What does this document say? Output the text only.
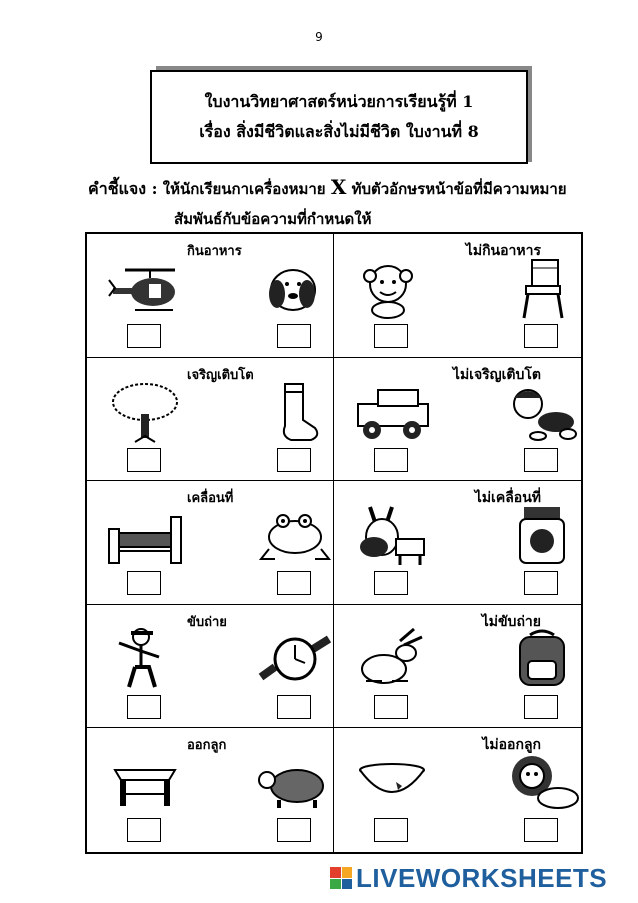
9
ใบงานวิทยาศาสตร์หน่วยการเรียนรู้ที่ 1
เรื่อง สิ่งมีชีวิตและสิ่งไม่มีชีวิต ใบงานที่ 8
คำชี้แจง : ให้นักเรียนกาเครื่องหมาย X ทับตัวอักษรหน้าข้อที่มีความหมาย
สัมพันธ์กับข้อความที่กำหนดให้
กินอาหาร	ไม่กินอาหาร
เจริญเติบโต	ไม่เจริญเติบโต
เคลื่อนที่	ไม่เคลื่อนที่
ขับถ่าย	ไม่ขับถ่าย
ออกลูก	ไม่ออกลูก
LIVEWORKSHEETS
